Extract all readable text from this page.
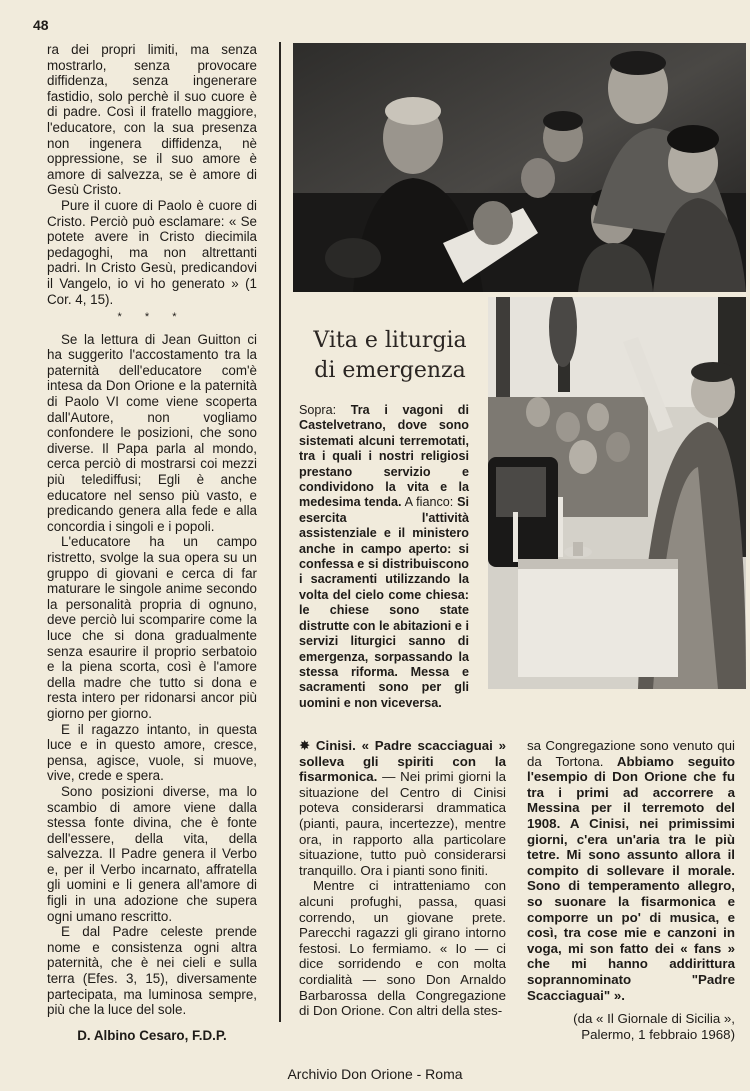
48

ra dei propri limiti, ma senza mostrarlo, senza provocare diffidenza, senza ingenerare fastidio, solo perchè il suo cuore è di padre. Così il fratello maggiore, l'educatore, con la sua presenza non ingenera diffidenza, nè oppressione, se il suo amore è amore di salvezza, se è amore di Gesù Cristo.

Pure il cuore di Paolo è cuore di Cristo. Perciò può esclamare: « Se potete avere in Cristo diecimila pedagoghi, ma non altrettanti padri. In Cristo Gesù, predicandovi il Vangelo, io vi ho generato » (1 Cor. 4, 15).

* * *

Se la lettura di Jean Guitton ci ha suggerito l'accostamento tra la paternità dell'educatore com'è intesa da Don Orione e la paternità di Paolo VI come viene scoperta dall'Autore, non vogliamo confondere le posizioni, che sono diverse. Il Papa parla al mondo, cerca perciò di mostrarsi coi mezzi più telediffusi; Egli è anche educatore nel senso più vasto, e predicando genera alla fede e alla concordia i singoli e i popoli.

L'educatore ha un campo ristretto, svolge la sua opera su un gruppo di giovani e cerca di far maturare le singole anime secondo la personalità propria di ognuno, deve perciò lui scomparire come la luce che si dona gradualmente senza esaurire il proprio serbatoio e la piena scorta, così è l'amore della madre che tutto si dona e resta intero per ridonarsi ancor più giorno per giorno.

E il ragazzo intanto, in questa luce e in questo amore, cresce, pensa, agisce, vuole, si muove, vive, crede e spera.

Sono posizioni diverse, ma lo scambio di amore viene dalla stessa fonte divina, che è fonte dell'essere, della vita, della salvezza. Il Padre genera il Verbo e, per il Verbo incarnato, affratella gli uomini e li genera all'amore di figli in una adozione che supera ogni umano rescritto.

E dal Padre celeste prende nome e consistenza ogni altra paternità, che è nei cieli e sulla terra (Efes. 3, 15), diversamente partecipata, ma luminosa sempre, più che la luce del sole.

D. Albino Cesaro, F.D.P.

Vita e liturgia
di emergenza
Sopra: Tra i vagoni di Castelvetrano, dove sono sistemati alcuni terremotati, tra i quali i nostri religiosi prestano servizio e condividono la vita e la medesima tenda. A fianco: Si esercita l'attività assistenziale e il ministero anche in campo aperto: si confessa e si distribuiscono i sacramenti utilizzando la volta del cielo come chiesa: le chiese sono state distrutte con le abitazioni e i servizi liturgici sanno di emergenza, sorpassando la stessa riforma. Messa e sacramenti sono per gli uomini e non viceversa.

✸ Cinisi. « Padre scacciaguai » solleva gli spiriti con la fisarmonica. — Nei primi giorni la situazione del Centro di Cinisi poteva considerarsi drammatica (pianti, paura, incertezze), mentre ora, in rapporto alla particolare situazione, tutto può considerarsi tranquillo. Ora i pianti sono finiti.

Mentre ci intratteniamo con alcuni profughi, passa, quasi correndo, un giovane prete. Parecchi ragazzi gli girano intorno festosi. Lo fermiamo. « Io — ci dice sorridendo e con molta cordialità — sono Don Arnaldo Barbarossa della Congregazione di Don Orione. Con altri della stes-

sa Congregazione sono venuto qui da Tortona. Abbiamo seguito l'esempio di Don Orione che fu tra i primi ad accorrere a Messina per il terremoto del 1908. A Cinisi, nei primissimi giorni, c'era un'aria tra le più tetre. Mi sono assunto allora il compito di sollevare il morale. Sono di temperamento allegro, so suonare la fisarmonica e comporre un po' di musica, e così, tra cose mie e canzoni in voga, mi son fatto dei « fans » che mi hanno addirittura soprannominato "Padre Scacciaguai" ».

(da « Il Giornale di Sicilia », Palermo, 1 febbraio 1968)

Archivio Don Orione - Roma
